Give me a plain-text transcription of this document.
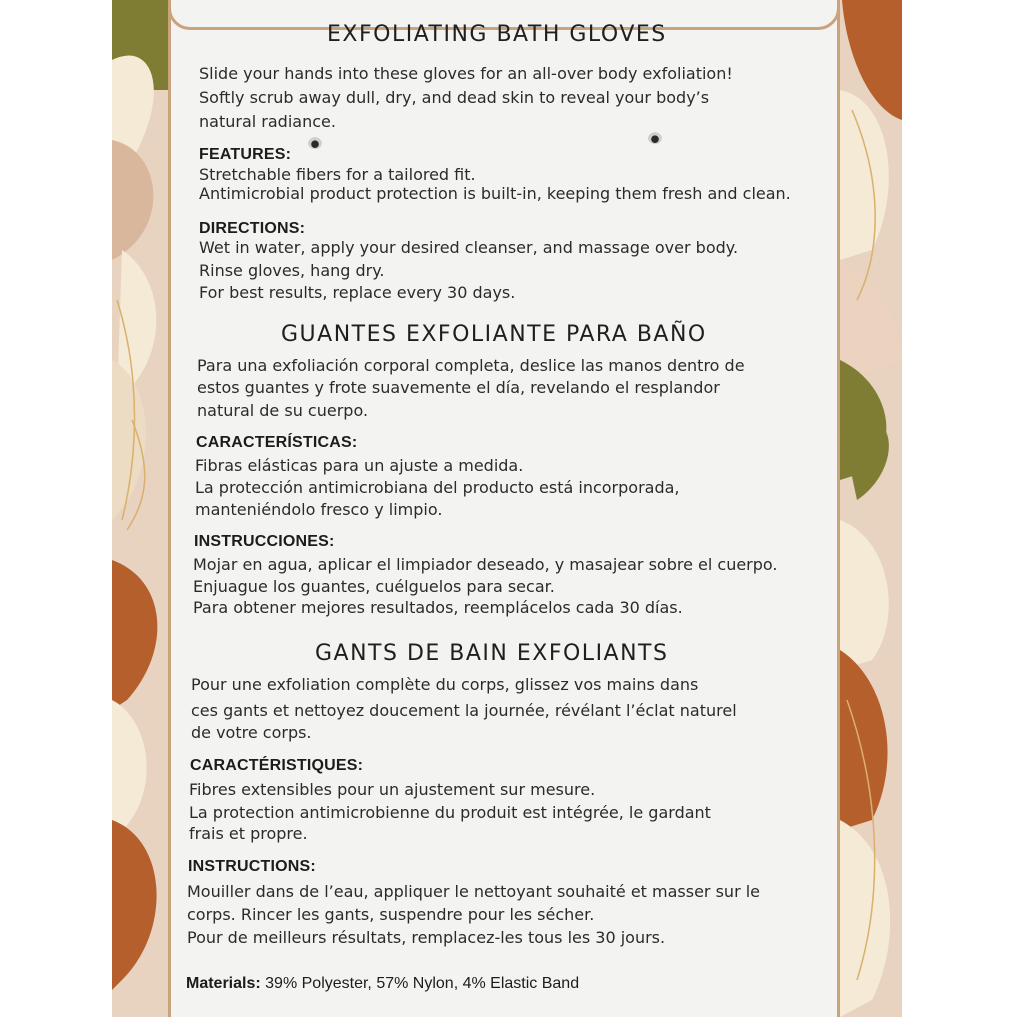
EXFOLIATING BATH GLOVES
Slide your hands into these gloves for an all-over body exfoliation!
Softly scrub away dull, dry, and dead skin to reveal your body’s
natural radiance.
FEATURES:
Stretchable fibers for a tailored fit.
Antimicrobial product protection is built-in, keeping them fresh and clean.
DIRECTIONS:
Wet in water, apply your desired cleanser, and massage over body.
Rinse gloves, hang dry.
For best results, replace every 30 days.
GUANTES EXFOLIANTE PARA BAÑO
Para una exfoliación corporal completa, deslice las manos dentro de
estos guantes y frote suavemente el día, revelando el resplandor
natural de su cuerpo.
CARACTERÍSTICAS:
Fibras elásticas para un ajuste a medida.
La protección antimicrobiana del producto está incorporada,
manteniéndolo fresco y limpio.
INSTRUCCIONES:
Mojar en agua, aplicar el limpiador deseado, y masajear sobre el cuerpo.
Enjuague los guantes, cuélguelos para secar.
Para obtener mejores resultados, reemplácelos cada 30 días.
GANTS DE BAIN EXFOLIANTS
Pour une exfoliation complète du corps, glissez vos mains dans
ces gants et nettoyez doucement la journée, révélant l’éclat naturel
de votre corps.
CARACTÉRISTIQUES:
Fibres extensibles pour un ajustement sur mesure.
La protection antimicrobienne du produit est intégrée, le gardant
frais et propre.
INSTRUCTIONS:
Mouiller dans de l’eau, appliquer le nettoyant souhaité et masser sur le
corps. Rincer les gants, suspendre pour les sécher.
Pour de meilleurs résultats, remplacez-les tous les 30 jours.
Materials: 39% Polyester, 57% Nylon, 4% Elastic Band
